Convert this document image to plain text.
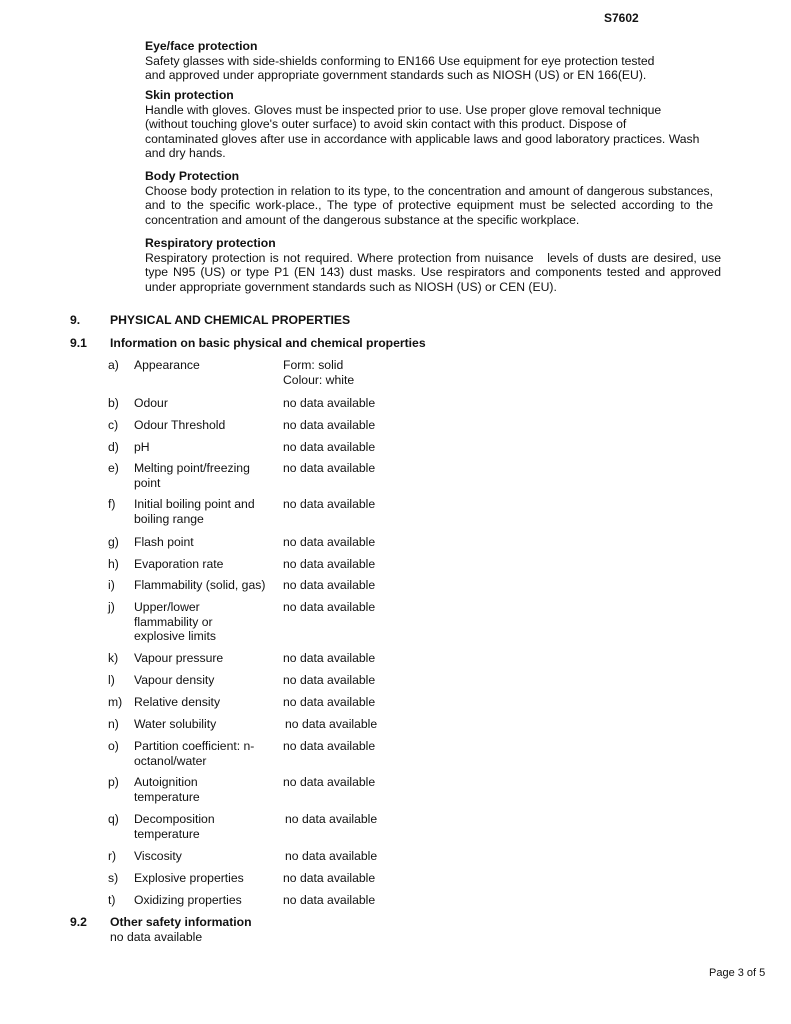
S7602
Eye/face protection

Safety glasses with side-shields conforming to EN166 Use equipment for eye protection tested and approved under appropriate government standards such as NIOSH (US) or EN 166(EU).

Skin protection

Handle with gloves. Gloves must be inspected prior to use. Use proper glove removal technique (without touching glove's outer surface) to avoid skin contact with this product. Dispose of contaminated gloves after use in accordance with applicable laws and good laboratory practices. Wash and dry hands.

Body Protection

Choose body protection in relation to its type, to the concentration and amount of dangerous substances, and to the specific work-place., The type of protective equipment must be selected according to the concentration and amount of the dangerous substance at the specific workplace.

Respiratory protection

Respiratory protection is not required. Where protection from nuisance   levels of dusts are desired, use type N95 (US) or type P1 (EN 143) dust masks. Use respirators and components tested and approved under appropriate government standards such as NIOSH (US) or CEN (EU).

9. PHYSICAL AND CHEMICAL PROPERTIES
9.1 Information on basic physical and chemical properties
a)	Appearance	Form: solid
Colour: white
b)	Odour	no data available
c)	Odour Threshold	no data available
d)	pH	no data available
e)	Melting point/freezing point
no data available
f)	Initial boiling point and boiling range
no data available
g)	Flash point	no data available
h)	Evaporation rate	no data available
i)	Flammability (solid, gas)	no data available
j)	Upper/lower flammability or explosive limits
no data available
k)	Vapour pressure	no data available
l)	Vapour density	no data available
m) Relative density	no data available
n)	Water solubility	no data available
o)	Partition coefficient: n-octanol/water
no data available
p)	Autoignition temperature
no data available
q)	Decomposition temperature
no data available
r)	Viscosity	no data available
s)	Explosive properties	no data available
t)	Oxidizing properties	no data available
9.2 Other safety information
no data available
Page 3 of 5
